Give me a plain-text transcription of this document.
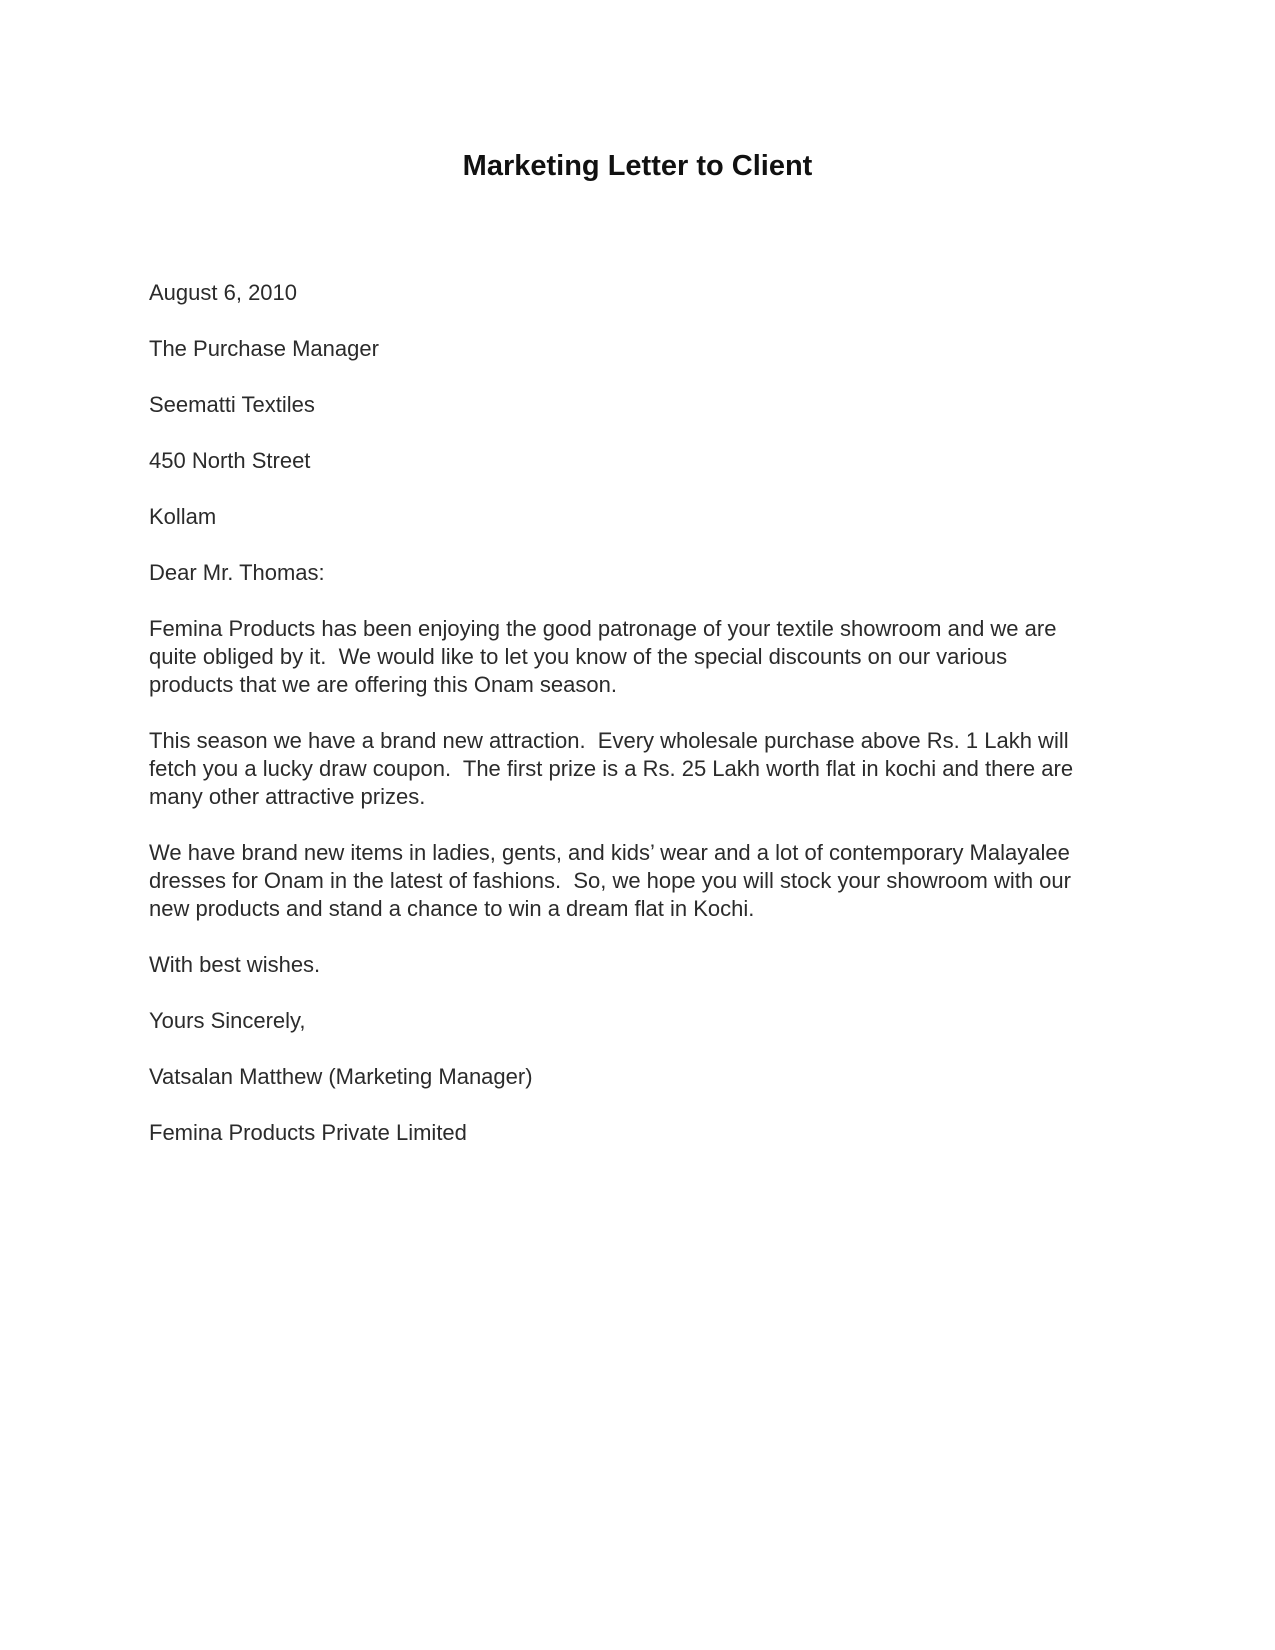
Marketing Letter to Client
August 6, 2010
The Purchase Manager
Seematti Textiles
450 North Street
Kollam
Dear Mr. Thomas:
Femina Products has been enjoying the good patronage of your textile showroom and we are
quite obliged by it.  We would like to let you know of the special discounts on our various
products that we are offering this Onam season.
This season we have a brand new attraction.  Every wholesale purchase above Rs. 1 Lakh will
fetch you a lucky draw coupon.  The first prize is a Rs. 25 Lakh worth flat in kochi and there are
many other attractive prizes.
We have brand new items in ladies, gents, and kids’ wear and a lot of contemporary Malayalee
dresses for Onam in the latest of fashions.  So, we hope you will stock your showroom with our
new products and stand a chance to win a dream flat in Kochi.
With best wishes.
Yours Sincerely,
Vatsalan Matthew (Marketing Manager)
Femina Products Private Limited
